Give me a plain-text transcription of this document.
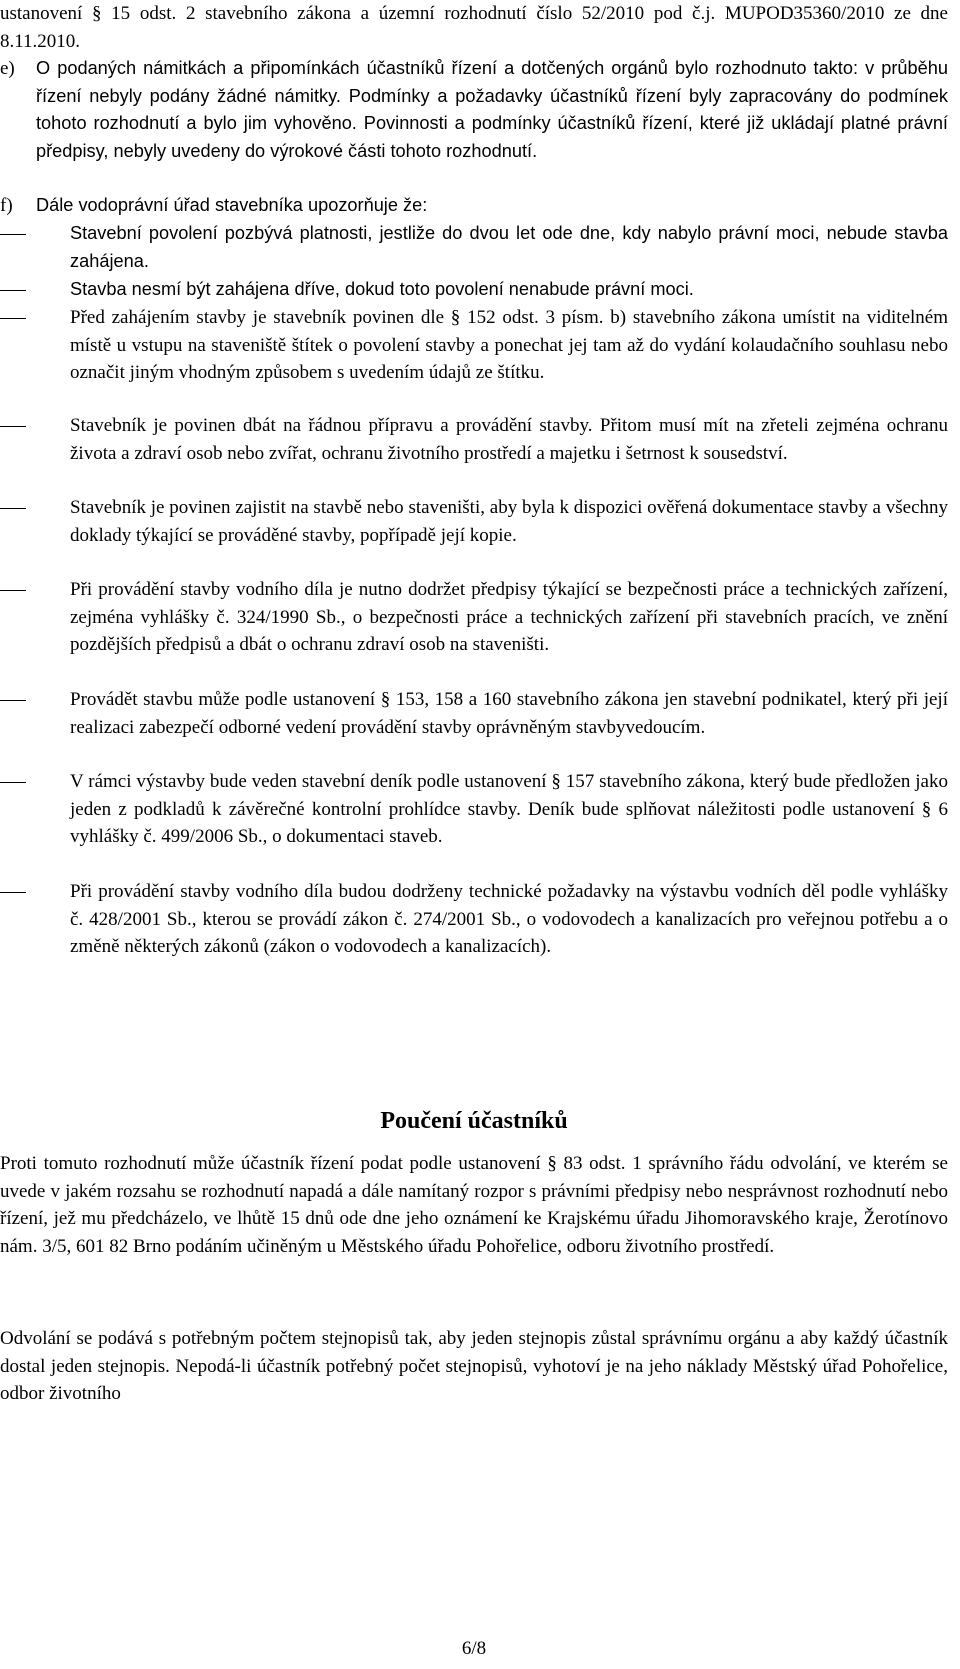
ustanovení § 15 odst. 2 stavebního zákona a územní rozhodnutí číslo 52/2010 pod č.j. MUPOD35360/2010 ze dne 8.11.2010.

e) O podaných námitkách a připomínkách účastníků řízení a dotčených orgánů bylo rozhodnuto takto: v průběhu řízení nebyly podány žádné námitky. Podmínky a požadavky účastníků řízení byly zapracovány do podmínek tohoto rozhodnutí a bylo jim vyhověno. Povinnosti a podmínky účastníků řízení, které již ukládají platné právní předpisy, nebyly uvedeny do výrokové části tohoto rozhodnutí.

f) Dále vodoprávní úřad stavebníka upozorňuje že:

Stavební povolení pozbývá platnosti, jestliže do dvou let ode dne, kdy nabylo právní moci, nebude stavba zahájena.

Stavba nesmí být zahájena dříve, dokud toto povolení nenabude právní moci.

Před zahájením stavby je stavebník povinen dle § 152 odst. 3 písm. b) stavebního zákona umístit na viditelném místě u vstupu na staveniště štítek o povolení stavby a ponechat jej tam až do vydání kolaudačního souhlasu nebo označit jiným vhodným způsobem s uvedením údajů ze štítku.

Stavebník je povinen dbát na řádnou přípravu a provádění stavby. Přitom musí mít na zřeteli zejména ochranu života a zdraví osob nebo zvířat, ochranu životního prostředí a majetku i šetrnost k sousedství.

Stavebník je povinen zajistit na stavbě nebo staveništi, aby byla k dispozici ověřená dokumentace stavby a všechny doklady týkající se prováděné stavby, popřípadě její kopie.

Při provádění stavby vodního díla je nutno dodržet předpisy týkající se bezpečnosti práce a technických zařízení, zejména vyhlášky č. 324/1990 Sb., o bezpečnosti práce a technických zařízení při stavebních pracích, ve znění pozdějších předpisů a dbát o ochranu zdraví osob na staveništi.

Provádět stavbu může podle ustanovení § 153, 158 a 160 stavebního zákona jen stavební podnikatel, který při její realizaci zabezpečí odborné vedení provádění stavby oprávněným stavbyvedoucím.

V rámci výstavby bude veden stavební deník podle ustanovení § 157 stavebního zákona, který bude předložen jako jeden z podkladů k závěrečné kontrolní prohlídce stavby. Deník bude splňovat náležitosti podle ustanovení § 6 vyhlášky č. 499/2006 Sb., o dokumentaci staveb.

Při provádění stavby vodního díla budou dodrženy technické požadavky na výstavbu vodních děl podle vyhlášky č. 428/2001 Sb., kterou se provádí zákon č. 274/2001 Sb., o vodovodech a kanalizacích pro veřejnou potřebu a o změně některých zákonů (zákon o vodovodech a kanalizacích).

Poučení účastníků

Proti tomuto rozhodnutí může účastník řízení podat podle ustanovení § 83 odst. 1 správního řádu odvolání, ve kterém se uvede v jakém rozsahu se rozhodnutí napadá a dále namítaný rozpor s právními předpisy nebo nesprávnost rozhodnutí nebo řízení, jež mu předcházelo, ve lhůtě 15 dnů ode dne jeho oznámení ke Krajskému úřadu Jihomoravského kraje, Žerotínovo nám. 3/5, 601 82 Brno podáním učiněným u Městského úřadu Pohořelice, odboru životního prostředí.

Odvolání se podává s potřebným počtem stejnopisů tak, aby jeden stejnopis zůstal správnímu orgánu a aby každý účastník dostal jeden stejnopis. Nepodá-li účastník potřebný počet stejnopisů, vyhotoví je na jeho náklady Městský úřad Pohořelice, odbor životního

6/8
